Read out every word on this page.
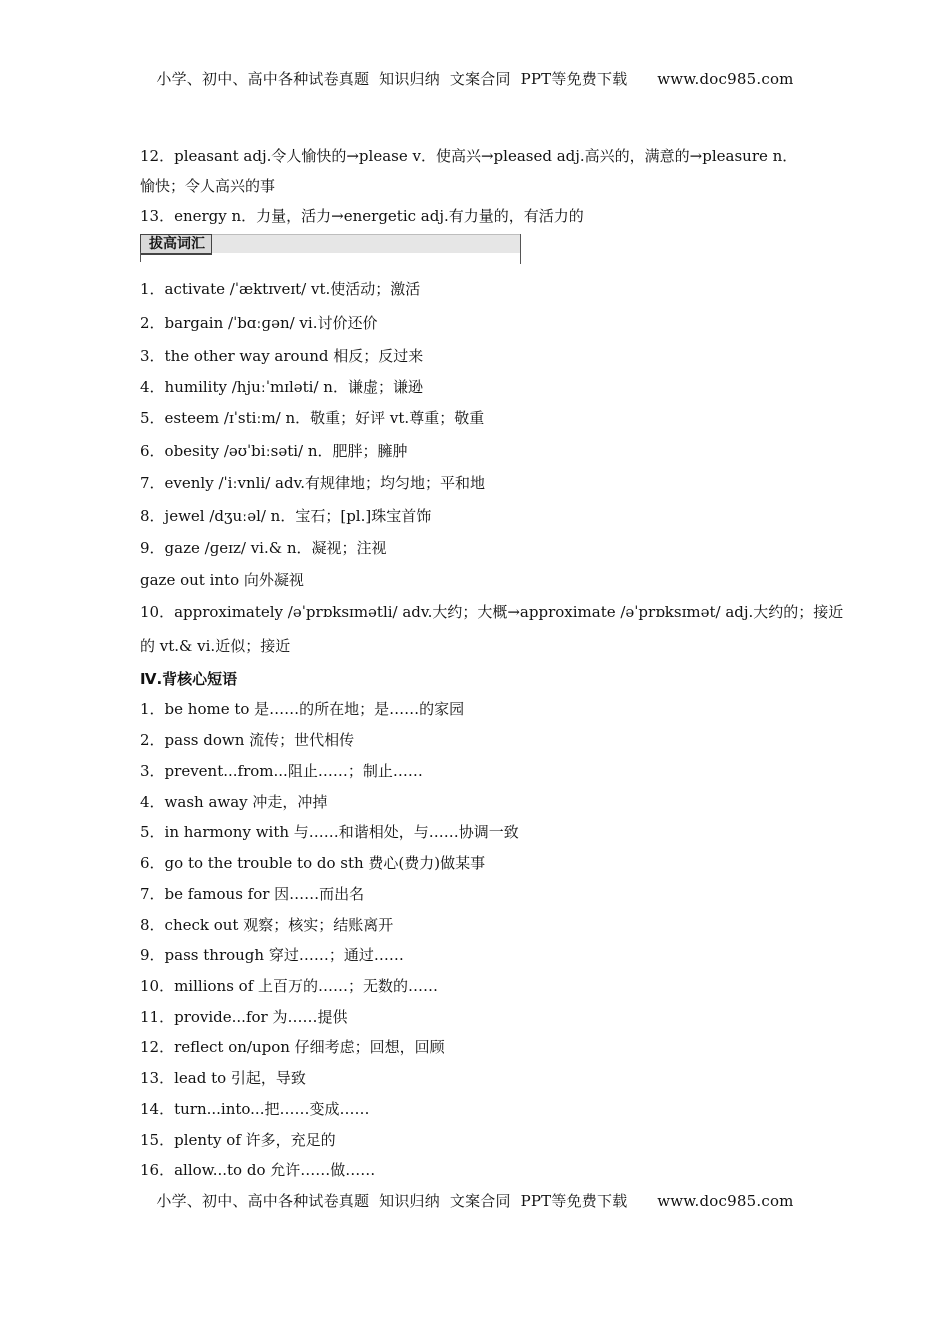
小学、初中、高中各种试卷真题  知识归纳  文案合同  PPT等免费下载      www.doc985.com
12．pleasant adj.令人愉快的→please v．使高兴→pleased adj.高兴的，满意的→pleasure n．
愉快；令人高兴的事
13．energy n．力量，活力→energetic adj.有力量的，有活力的
拔高词汇
1．activate /ˈæktɪveɪt/ vt.使活动；激活
2．bargain /ˈbɑːɡən/ vi.讨价还价
3．the other way around 相反；反过来
4．humility /hjuːˈmɪləti/ n．谦虚；谦逊
5．esteem /ɪˈstiːm/ n．敬重；好评 vt.尊重；敬重
6．obesity /əʊˈbiːsəti/ n．肥胖；臃肿
7．evenly /ˈiːvnli/ adv.有规律地；均匀地；平和地
8．jewel /dʒuːəl/ n．宝石；[pl.]珠宝首饰
9．gaze /ɡeɪz/ vi.& n．凝视；注视
gaze out into 向外凝视
10．approximately /əˈprɒksɪmətli/ adv.大约；大概→approximate /əˈprɒksɪmət/ adj.大约的；接近
的 vt.& vi.近似；接近
Ⅳ.背核心短语
1．be home to 是……的所在地；是……的家园
2．pass down 流传；世代相传
3．prevent...from...阻止……；制止……
4．wash away 冲走，冲掉
5．in harmony with 与……和谐相处，与……协调一致
6．go to the trouble to do sth 费心(费力)做某事
7．be famous for 因……而出名
8．check out 观察；核实；结账离开
9．pass through 穿过……；通过……
10．millions of 上百万的……；无数的……
11．provide...for 为……提供
12．reflect on/upon 仔细考虑；回想，回顾
13．lead to 引起，导致
14．turn...into...把……变成……
15．plenty of 许多，充足的
16．allow...to do 允许……做……
小学、初中、高中各种试卷真题  知识归纳  文案合同  PPT等免费下载      www.doc985.com
